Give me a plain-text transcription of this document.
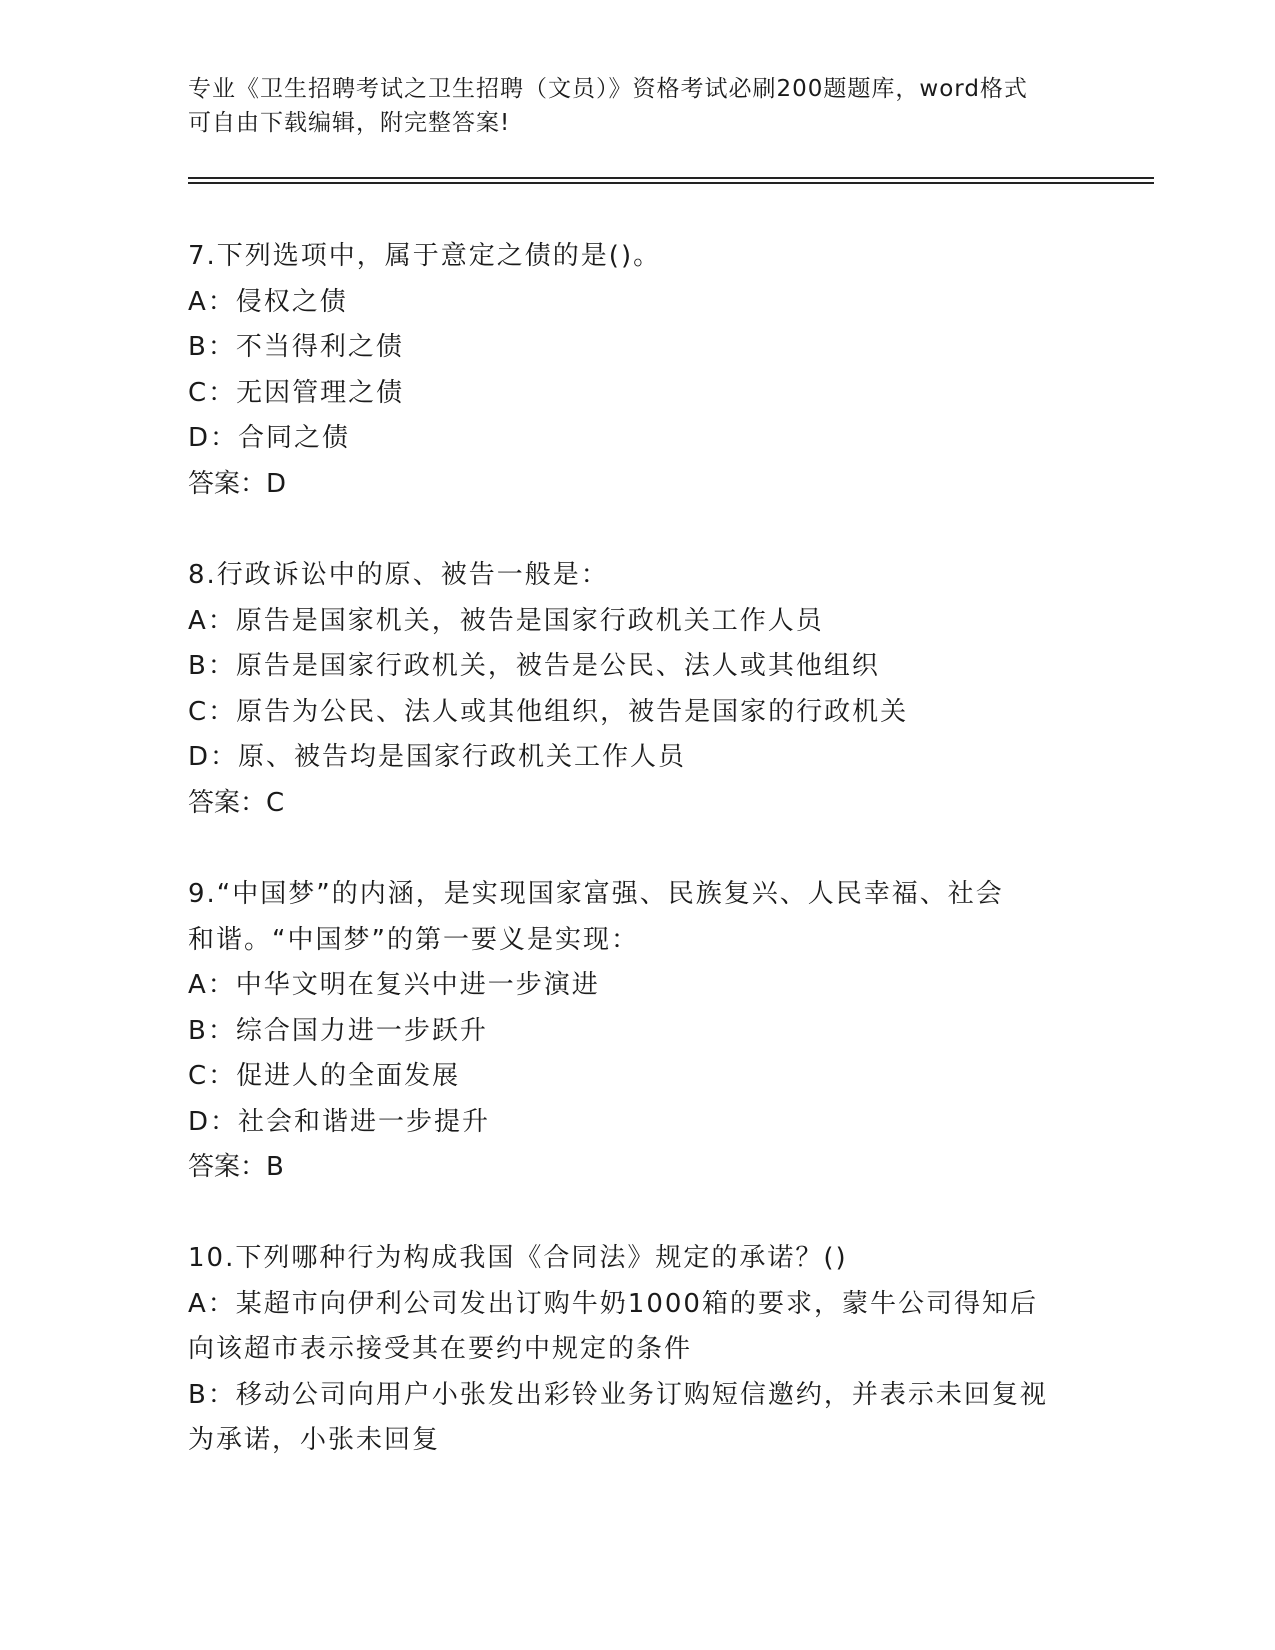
专业《卫生招聘考试之卫生招聘（文员）》资格考试必刷200题题库，word格式
可自由下载编辑，附完整答案!
7.下列选项中，属于意定之债的是()。
A：侵权之债
B：不当得利之债
C：无因管理之债
D：合同之债
答案：D
8.行政诉讼中的原、被告一般是：
A：原告是国家机关，被告是国家行政机关工作人员
B：原告是国家行政机关，被告是公民、法人或其他组织
C：原告为公民、法人或其他组织，被告是国家的行政机关
D：原、被告均是国家行政机关工作人员
答案：C
9.“中国梦”的内涵，是实现国家富强、民族复兴、人民幸福、社会
和谐。“中国梦”的第一要义是实现：
A：中华文明在复兴中进一步演进
B：综合国力进一步跃升
C：促进人的全面发展
D：社会和谐进一步提升
答案：B
10.下列哪种行为构成我国《合同法》规定的承诺？()
A：某超市向伊利公司发出订购牛奶1000箱的要求，蒙牛公司得知后
向该超市表示接受其在要约中规定的条件
B：移动公司向用户小张发出彩铃业务订购短信邀约，并表示未回复视
为承诺，小张未回复
